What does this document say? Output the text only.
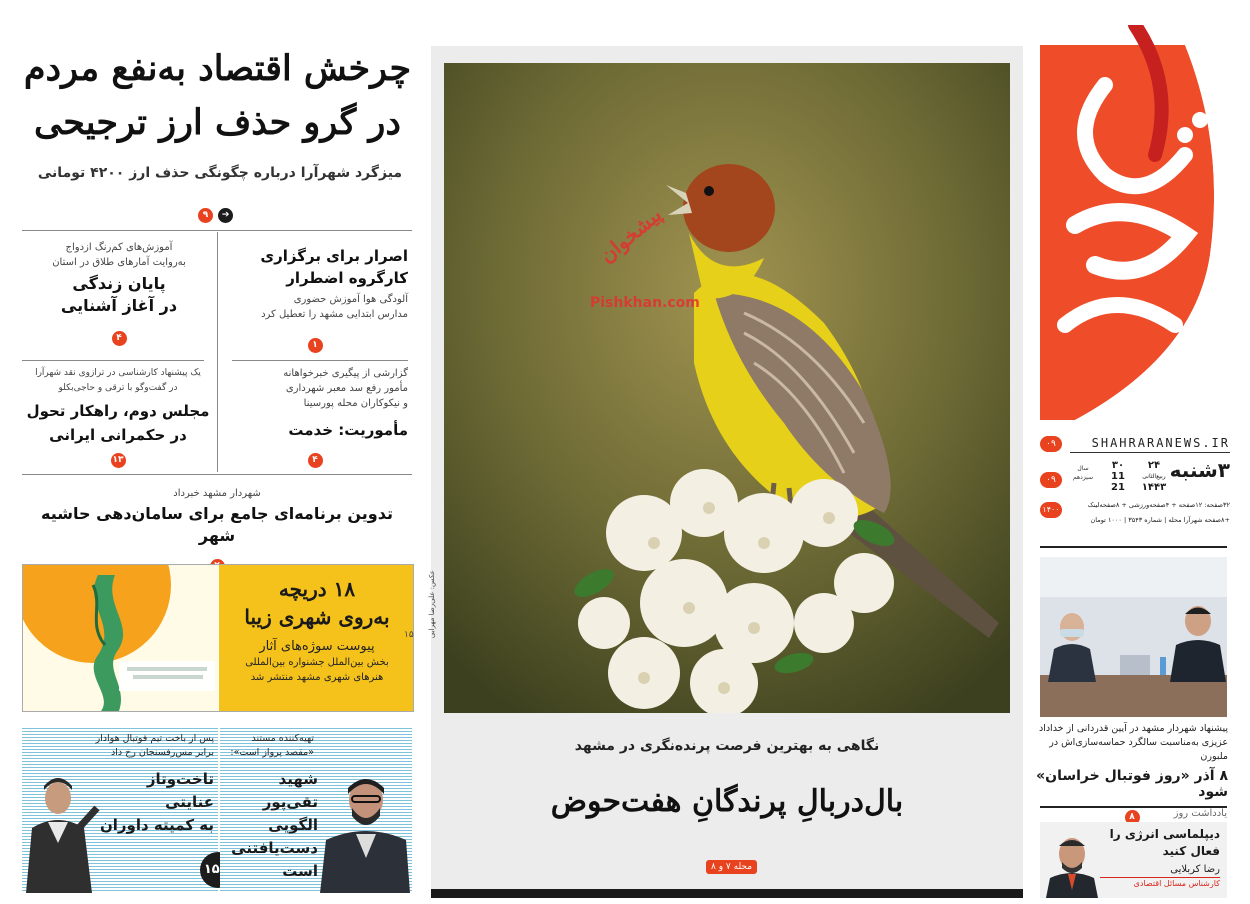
چرخش اقتصاد به‌نفع مردم
در گرو حذف ارز ترجیحی
میزگرد شهرآرا درباره چگونگی حذف ارز ۴۲۰۰ تومانی
۹ ➔
اصرار برای برگزاری
کارگروه اضطرار
آلودگی هوا آموزش حضوری
مدارس ابتدایی مشهد را تعطیل کرد
۱
آموزش‌های کم‌رنگ ازدواج
به‌روایت آمارهای طلاق در استان
پایان زندگی
در آغاز آشنایی
۴
گزارشی از پیگیری خبرخواهانه
مأمور رفع سد معبر شهرداری
و نیکوکاران محله پورسینا
مأموریت: خدمت
۴
یک پیشنهاد کارشناسی در ترازوی نقد شهرآرا
در گفت‌وگو با ترقی و حاجی‌بکلو
مجلس دوم، راهکار تحول
در حکمرانی ایرانی
۱۳
شهردار مشهد خبرداد
تدوین برنامه‌ای جامع برای سامان‌دهی حاشیه شهر
۱۸ دریچه
به‌روی شهری زیبا
پیوست سوژه‌های آثار
بخش بین‌الملل جشنواره بین‌المللی
هنرهای شهری مشهد منتشر شد
۱۵
پس از باخت تیم فوتبال هوادار
برابر مس‌رفسنجان رخ داد
تاخت‌وتاز
عنایتی
به کمیته داوران
۱۵
تهیه‌کننده مستند
«مقصد پرواز است»:
شهید تقی‌پور
الگویی
دست‌یافتنی است
پیشخوان
Pishkhan.com
عکس: علی‌رضا مهرابی
نگاهی به بهترین فرصت پرنده‌نگری در مشهد
بال‌دربالِ پرندگانِ هفت‌حوض
محله ۷ و ۸
SHAHRARANEWS.IR
۰۹
۰۹
۱۴۰۰
۳شنبه
۲۴
ربیع‌الثانی
۱۴۴۳
۳۰
11
21
سال
سیزدهم
۳۲صفحه: ۱۲صفحه + ۴صفحه‌ورزشی + ۸صفحه‌لینک
+۸صفحه شهرآرا محله | شماره ۳۵۴۳ | ۱۰۰۰ تومان
پیشنهاد شهردار مشهد در آیین قدردانی از خداداد
عزیزی به‌مناسبت سالگرد حماسه‌سازی‌اش در ملبورن
۸ آذر «روز فوتبال خراسان» شود
۸	یادداشت روز
دیپلماسی انرژی را
فعال کنید
رضا کربلایی
کارشناس مسائل اقتصادی
